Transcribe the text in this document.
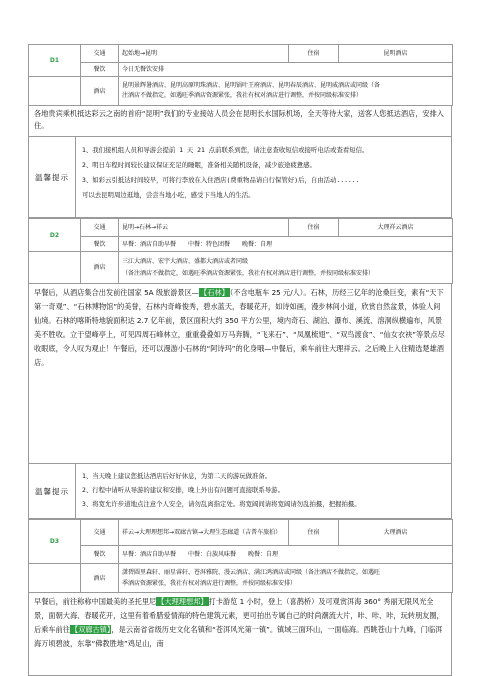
D1	交通	起始地→昆明	住宿	昆明酒店
	餐饮	今日无餐饮安排		
	酒店	昆明景辉暑酒店、昆明高原明珠酒店、昆明锅叶王府酒店、昆明春辰酒店、昆明威酒店或同级（备
注酒店不做指定，如遇旺季酒店资源紧张，我社有权对酒店进行调整，并按同级标准安排）		
各地贵宾乘机抵达彩云之南的首府“昆明”我们的专业接站人员会在昆明长水国际机场，全天等待大家，送客人您抵达酒店，安排入住。
温馨提示
1、我们接机组人员和导游会提前 1 天 21 点前联系到您，请注意查收短信或接听电话或查看短信。
2、明日车程时间较长建议保证充足的睡眠，准备相关随机设备，减少旅途疲惫感。
3、如彩云引抵达时间较早，可将行李放在入住酒店(费重物品请自行保管好)后，自由活动......
可以去昆明周边逛地，尝尝当地小吃，感受下当地人的生活。
D2	交通	昆明→石林→祥云	住宿	大理祥云酒店
	餐饮	早餐：酒店自助早餐　　中餐：特色团餐　　晚餐：自理		
	酒店	三江大酒店、宏宇大酒店、盛都大酒店或者同级
（备注酒店不做指定，如遇旺季酒店资源紧张，我社有权对酒店进行调整，并按同级标准安排）		
早餐后，从酒店集合出发前往国家 5A 级旅游景区—【石林】（不含电瓶车 25 元/人）。石林，历经三亿年的沧桑巨变，素有“天下第一奇观”、“石林博物馆”的美誉，石林内奇峰俊秀，碧水蓝天，春暖花开，如诗如画，漫步林间小道，欣赏自然盆景，体验人间仙境。石林的喀斯特地貌面积达 2.7 亿年前，景区面积大约 350 平方公里，境内奇石、湖泊、瀑布、溪流、溶洞纵横遍布，风景美不胜收。立于望峰亭上，可见四周石峰林立，重重叠叠如万马奔腾，“飞来石”、“凤凰梳翅”、“双鸟渡食”、“仙女衣袂”等景点尽收眼底，令人叹为观止！午餐后，还可以漫游小石林的“阿诗玛”的化身哦—中餐后，乘车前往大理祥云。之后晚上入住精选楚雄酒店。
温馨提示
1、当天晚上建议您抵达酒店后好好休息，为第二天的游玩做准备。
2、行程中请听从导游的建议和安排，晚上外出有问题可直接联系导游。
3、将宽允许步道地点注意个人安全，请勿乱离指定处。将宽阔间请将宽阔请勿乱拍摄，把握拍摄。
D3	交通	祥云→大理理想邦→双廊古镇→大理生态廊道（吉普车旅拍）	住宿	大理酒店
	餐饮	早餐：酒店自助早餐　　中餐：白族风味餐　　晚餐：自理		
	酒店	潇碧圆里森轩、丽星睿轩、苍洱雅院、漫云酒店、满江鸿酒店或同级（备注酒店不做指定，如遇旺
季酒店资源紧张，我社有权对酒店进行调整，并按同级标准安排）		
早餐后，前往称称中国最美的圣托里尼【大理理想邦】打卡游览 1 小时，登上（喜鹊桥）及可观赏洱海 360° 秀丽无限风光全景，面朝大海、春暖花开，这里有着希腊爱情海的特色建筑元素，更可拍出专属自己的时尚潮流大片，咔、咔、咔，玩转朋友圈，后乘车前往【双廊古镇】，是云南省省级历史文化名镇和“苍洱风光第一镇”。镇域三面环山，一面临海。西眺苍山十九峰，门临洱海万顷碧波，东靠“佛教胜地”鸡足山，南
